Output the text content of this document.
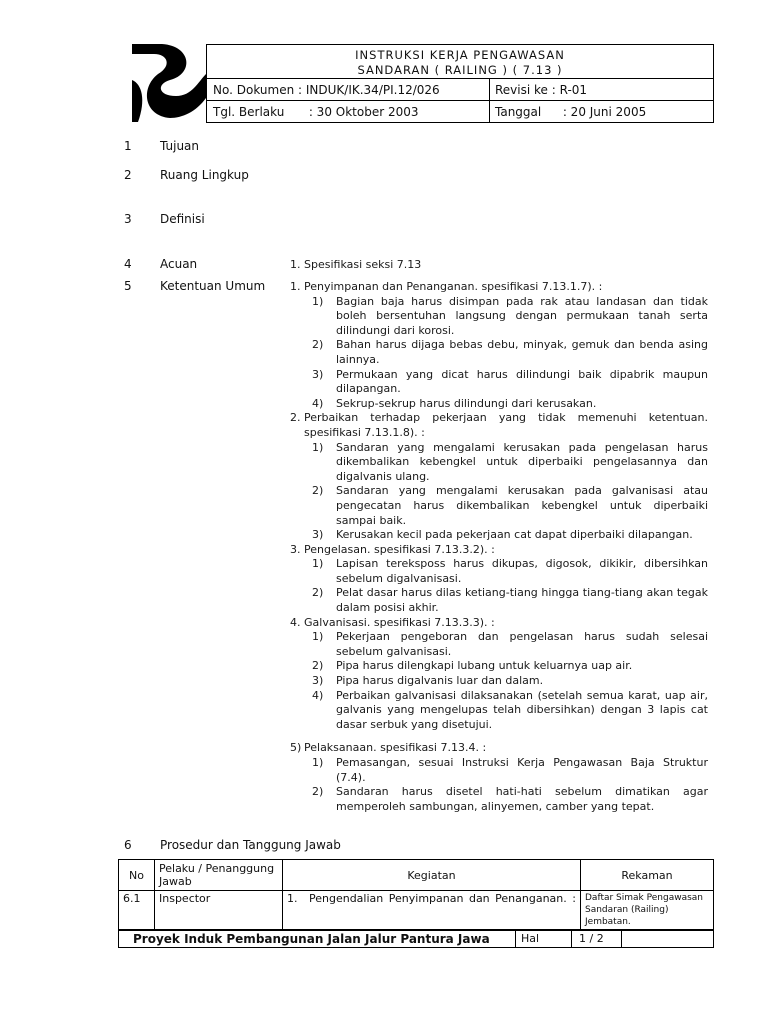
INSTRUKSI KERJA PENGAWASAN
SANDARAN ( RAILING ) ( 7.13 )
No. Dokumen : INDUK/IK.34/PI.12/026	Revisi ke : R-01
Tgl. Berlaku : 30 Oktober 2003	Tanggal : 20 Juni 2005
1 Tujuan
2 Ruang Lingkup
3 Definisi
4 Acuan
5 Ketentuan Umum
6 Prosedur dan Tanggung Jawab
1. Spesifikasi seksi 7.13
1. Penyimpanan dan Penanganan. spesifikasi 7.13.1.7). :
1)	Bagian baja harus disimpan pada rak atau landasan dan tidak boleh bersentuhan langsung dengan permukaan tanah serta dilindungi dari korosi.
2)	Bahan harus dijaga bebas debu, minyak, gemuk dan benda asing lainnya.
3)	Permukaan yang dicat harus dilindungi baik dipabrik maupun dilapangan.
4)	Sekrup-sekrup harus dilindungi dari kerusakan.
2. Perbaikan terhadap pekerjaan yang tidak memenuhi ketentuan. spesifikasi 7.13.1.8). :
1)	Sandaran yang mengalami kerusakan pada pengelasan harus dikembalikan kebengkel untuk diperbaiki pengelasannya dan digalvanis ulang.
2)	Sandaran yang mengalami kerusakan pada galvanisasi atau pengecatan harus dikembalikan kebengkel untuk diperbaiki sampai baik.
3)	Kerusakan kecil pada pekerjaan cat dapat diperbaiki dilapangan.
3. Pengelasan. spesifikasi 7.13.3.2). :
1)	Lapisan tereksposs harus dikupas, digosok, dikikir, dibersihkan sebelum digalvanisasi.
2)	Pelat dasar harus dilas ketiang-tiang hingga tiang-tiang akan tegak dalam posisi akhir.
4. Galvanisasi. spesifikasi 7.13.3.3). :
1)	Pekerjaan pengeboran dan pengelasan harus sudah selesai sebelum galvanisasi.
2)	Pipa harus dilengkapi lubang untuk keluarnya uap air.
3)	Pipa harus digalvanis luar dan dalam.
4)	Perbaikan galvanisasi dilaksanakan (setelah semua karat, uap air, galvanis yang mengelupas telah dibersihkan) dengan 3 lapis cat dasar serbuk yang disetujui.
5) Pelaksanaan. spesifikasi 7.13.4. :
1)	Pemasangan, sesuai Instruksi Kerja Pengawasan Baja Struktur (7.4).
2)	Sandaran harus disetel hati-hati sebelum dimatikan agar memperoleh sambungan, alinyemen, camber yang tepat.
No	Pelaku / Penanggung Jawab	Kegiatan	Rekaman
6.1	Inspector	1. Pengendalian Penyimpanan dan Penanganan. :	Daftar Simak Pengawasan Sandaran (Railing) Jembatan.
Proyek Induk Pembangunan Jalan Jalur Pantura Jawa	Hal	1 / 2
